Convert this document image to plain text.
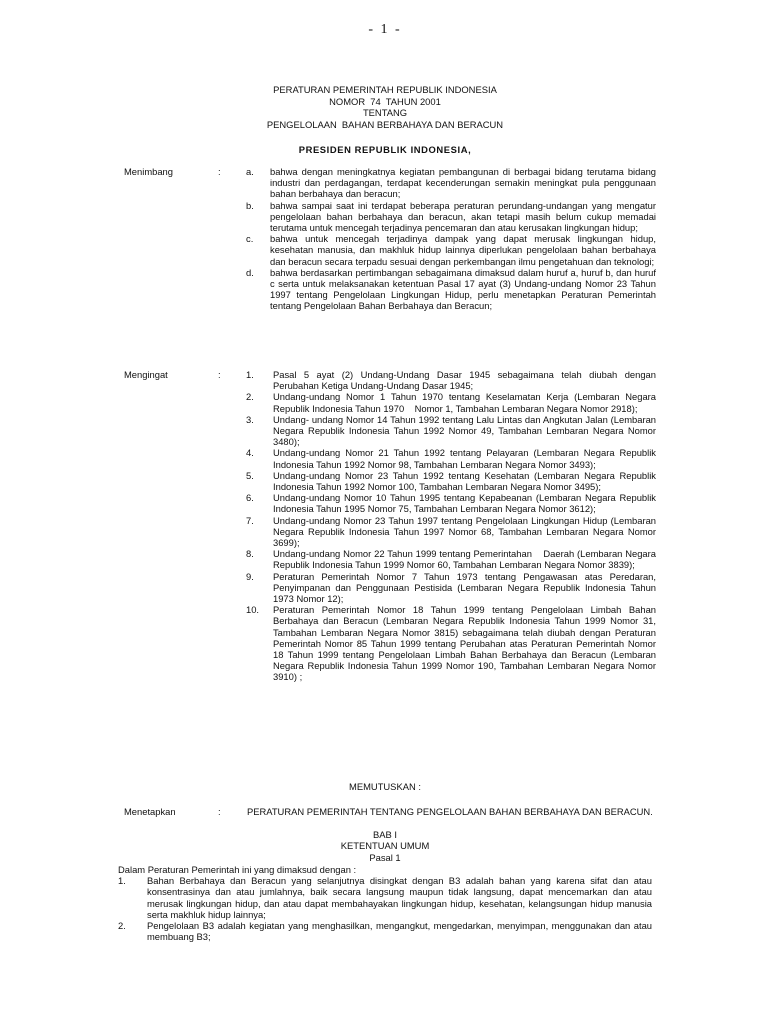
- 1 -
PERATURAN PEMERINTAH REPUBLIK INDONESIA
NOMOR  74  TAHUN 2001
TENTANG
PENGELOLAAN  BAHAN BERBAHAYA DAN BERACUN
PRESIDEN REPUBLIK INDONESIA,
Menimbang	:	a.	bahwa dengan meningkatnya kegiatan pembangunan di berbagai bidang terutama bidang industri dan perdagangan, terdapat kecenderungan semakin meningkat pula penggunaan bahan berbahaya dan beracun;
b.	bahwa sampai saat ini terdapat beberapa peraturan perundang-undangan yang mengatur pengelolaan bahan berbahaya dan beracun, akan tetapi masih belum cukup memadai terutama untuk mencegah terjadinya pencemaran dan atau kerusakan lingkungan hidup;
c.	bahwa untuk mencegah terjadinya dampak yang dapat merusak lingkungan hidup, kesehatan manusia, dan makhluk hidup lainnya diperlukan pengelolaan bahan berbahaya dan beracun secara terpadu sesuai dengan perkembangan ilmu pengetahuan dan teknologi;
d.	bahwa berdasarkan pertimbangan sebagaimana dimaksud dalam huruf a, huruf b, dan huruf c serta untuk melaksanakan ketentuan Pasal 17 ayat (3) Undang-undang Nomor 23 Tahun 1997 tentang Pengelolaan Lingkungan Hidup, perlu menetapkan Peraturan Pemerintah tentang Pengelolaan Bahan Berbahaya dan Beracun;
Mengingat	:	1.	Pasal 5 ayat (2) Undang-Undang Dasar 1945 sebagaimana telah diubah dengan Perubahan Ketiga Undang-Undang Dasar 1945;
2.	Undang-undang Nomor 1 Tahun 1970 tentang Keselamatan Kerja (Lembaran Negara Republik Indonesia Tahun 1970    Nomor 1, Tambahan Lembaran Negara Nomor 2918);
3.	Undang- undang Nomor 14 Tahun 1992 tentang Lalu Lintas dan Angkutan Jalan (Lembaran Negara Republik Indonesia Tahun 1992 Nomor 49, Tambahan Lembaran Negara Nomor 3480);
4.	Undang-undang Nomor 21 Tahun 1992 tentang Pelayaran (Lembaran Negara Republik Indonesia Tahun 1992 Nomor 98, Tambahan Lembaran Negara Nomor 3493);
5.	Undang-undang Nomor 23 Tahun 1992 tentang Kesehatan (Lembaran Negara Republik Indonesia Tahun 1992 Nomor 100, Tambahan Lembaran Negara Nomor 3495);
6.	Undang-undang Nomor 10 Tahun 1995 tentang Kepabeanan (Lembaran Negara Republik Indonesia Tahun 1995 Nomor 75, Tambahan Lembaran Negara Nomor 3612);
7.	Undang-undang Nomor 23 Tahun 1997 tentang Pengelolaan Lingkungan Hidup (Lembaran Negara Republik Indonesia Tahun 1997 Nomor 68, Tambahan Lembaran Negara Nomor 3699);
8.	Undang-undang Nomor 22 Tahun 1999 tentang Pemerintahan    Daerah (Lembaran Negara Republik Indonesia Tahun 1999 Nomor 60, Tambahan Lembaran Negara Nomor 3839);
9.	Peraturan Pemerintah Nomor 7 Tahun 1973 tentang Pengawasan atas Peredaran, Penyimpanan dan Penggunaan Pestisida (Lembaran Negara Republik Indonesia Tahun 1973 Nomor 12);
10.	Peraturan Pemerintah Nomor 18 Tahun 1999 tentang Pengelolaan Limbah Bahan Berbahaya dan Beracun (Lembaran Negara Republik Indonesia Tahun 1999 Nomor 31, Tambahan Lembaran Negara Nomor 3815) sebagaimana telah diubah dengan Peraturan Pemerintah Nomor 85 Tahun 1999 tentang Perubahan atas Peraturan Pemerintah Nomor 18 Tahun 1999 tentang Pengelolaan Limbah Bahan Berbahaya dan Beracun (Lembaran Negara Republik Indonesia Tahun 1999 Nomor 190, Tambahan Lembaran Negara Nomor 3910) ;
MEMUTUSKAN :
Menetapkan	:	PERATURAN PEMERINTAH TENTANG PENGELOLAAN BAHAN BERBAHAYA DAN BERACUN.
BAB I
KETENTUAN UMUM
Pasal 1
Dalam Peraturan Pemerintah ini yang dimaksud dengan :
1.	Bahan Berbahaya dan Beracun yang selanjutnya disingkat dengan B3 adalah bahan yang karena sifat dan atau konsentrasinya dan atau jumlahnya, baik secara langsung maupun tidak langsung, dapat mencemarkan dan atau merusak lingkungan hidup, dan atau dapat membahayakan lingkungan hidup, kesehatan, kelangsungan hidup manusia serta makhluk hidup lainnya;
2.	Pengelolaan B3 adalah kegiatan yang menghasilkan, mengangkut, mengedarkan, menyimpan, menggunakan dan atau membuang B3;
